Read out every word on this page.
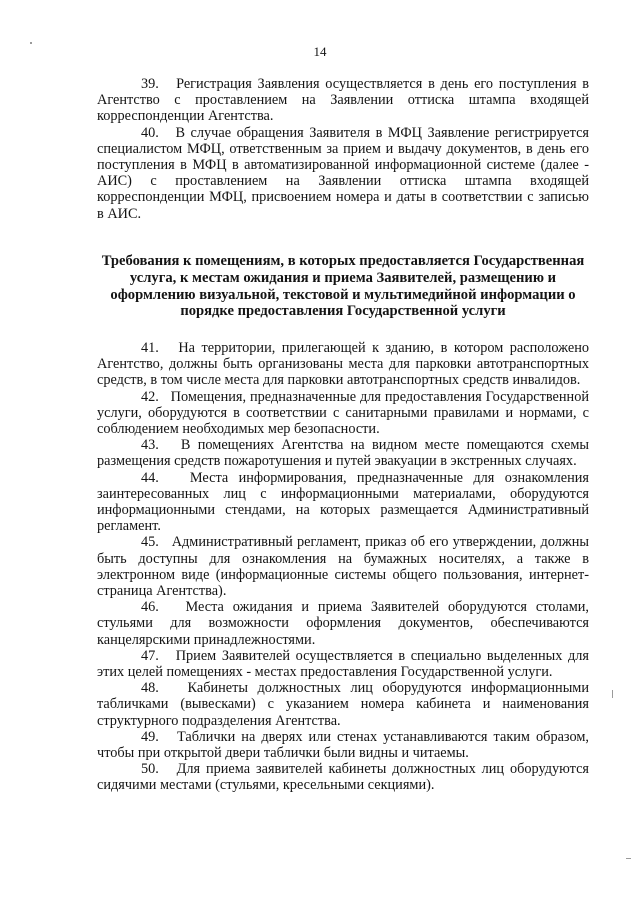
14

39. Регистрация Заявления осуществляется в день его поступления в Агентство с проставлением на Заявлении оттиска штампа входящей корреспонденции Агентства.

40. В случае обращения Заявителя в МФЦ Заявление регистрируется специалистом МФЦ, ответственным за прием и выдачу документов, в день его поступления в МФЦ в автоматизированной информационной системе (далее - АИС) с проставлением на Заявлении оттиска штампа входящей корреспонденции МФЦ, присвоением номера и даты в соответствии с записью в АИС.

Требования к помещениям, в которых предоставляется Государственная услуга, к местам ожидания и приема Заявителей, размещению и оформлению визуальной, текстовой и мультимедийной информации о порядке предоставления Государственной услуги

41. На территории, прилегающей к зданию, в котором расположено Агентство, должны быть организованы места для парковки автотранспортных средств, в том числе места для парковки автотранспортных средств инвалидов.

42. Помещения, предназначенные для предоставления Государственной услуги, оборудуются в соответствии с санитарными правилами и нормами, с соблюдением необходимых мер безопасности.

43. В помещениях Агентства на видном месте помещаются схемы размещения средств пожаротушения и путей эвакуации в экстренных случаях.

44. Места информирования, предназначенные для ознакомления заинтересованных лиц с информационными материалами, оборудуются информационными стендами, на которых размещается Административный регламент.

45. Административный регламент, приказ об его утверждении, должны быть доступны для ознакомления на бумажных носителях, а также в электронном виде (информационные системы общего пользования, интернет-страница Агентства).

46. Места ожидания и приема Заявителей оборудуются столами, стульями для возможности оформления документов, обеспечиваются канцелярскими принадлежностями.

47. Прием Заявителей осуществляется в специально выделенных для этих целей помещениях - местах предоставления Государственной услуги.

48. Кабинеты должностных лиц оборудуются информационными табличками (вывесками) с указанием номера кабинета и наименования структурного подразделения Агентства.

49. Таблички на дверях или стенах устанавливаются таким образом, чтобы при открытой двери таблички были видны и читаемы.

50. Для приема заявителей кабинеты должностных лиц оборудуются сидячими местами (стульями, кресельными секциями).
